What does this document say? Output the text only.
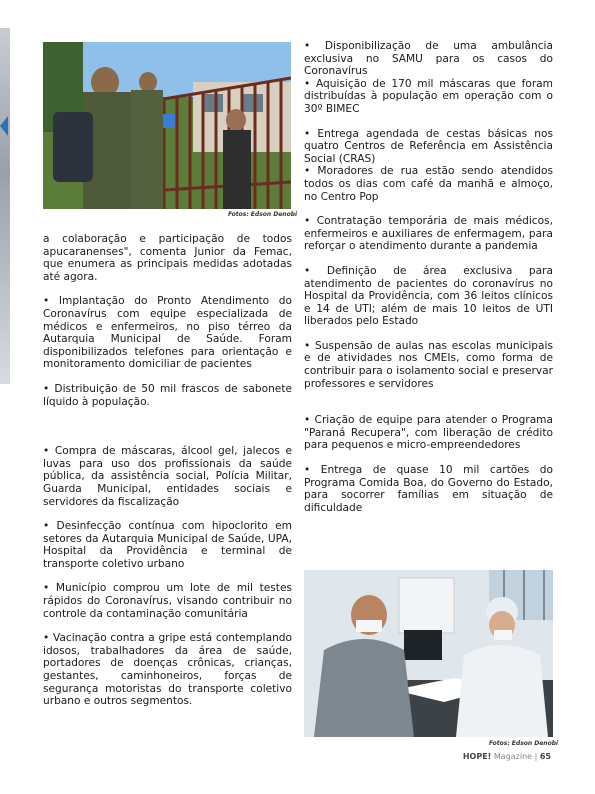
Fotos: Edson Denobi

a colaboração e participação de todos apucaranenses", comenta Junior da Femac, que enumera as principais medidas adotadas até agora.

• Implantação do Pronto Atendimento do Coronavírus com equipe especializada de médicos e enfermeiros, no piso térreo da Autarquia Municipal de Saúde. Foram disponibilizados telefones para orientação e monitoramento domiciliar de pacientes

• Distribuição de 50 mil frascos de sabonete líquido à população.

• Compra de máscaras, álcool gel, jalecos e luvas para uso dos profissionais da saúde pública, da assistência social, Polícia Militar, Guarda Municipal, entidades sociais e servidores da fiscalização

• Desinfecção contínua com hipoclorito em setores da Autarquia Municipal de Saúde, UPA, Hospital da Providência e terminal de transporte coletivo urbano

• Município comprou um lote de mil testes rápidos do Coronavírus, visando contribuir no controle da contaminação comunitária

• Vacinação contra a gripe está contemplando idosos, trabalhadores da área de saúde, portadores de doenças crônicas, crianças, gestantes, caminhoneiros, forças de segurança motoristas do transporte coletivo urbano e outros segmentos.

• Disponibilização de uma ambulância exclusiva no SAMU para os casos do Coronavírus

• Aquisição de 170 mil máscaras que foram distribuídas à população em operação com o 30º BIMEC

• Entrega agendada de cestas básicas nos quatro Centros de Referência em Assistência Social (CRAS)

• Moradores de rua estão sendo atendidos todos os dias com café da manhã e almoço, no Centro Pop

• Contratação temporária de mais médicos, enfermeiros e auxiliares de enfermagem, para reforçar o atendimento durante a pandemia

• Definição de área exclusiva para atendimento de pacientes do coronavírus no Hospital da Providência, com 36 leitos clínicos e 14 de UTI; além de mais 10 leitos de UTI liberados pelo Estado

• Suspensão de aulas nas escolas municipais e de atividades nos CMEIs, como forma de contribuir para o isolamento social e preservar professores e servidores

• Criação de equipe para atender o Programa "Paraná Recupera", com liberação de crédito para pequenos e micro-empreendedores

• Entrega de quase 10 mil cartões do Programa Comida Boa, do Governo do Estado, para socorrer famílias em situação de dificuldade

Fotos: Edson Denobi
HOPE! Magazine | 65
